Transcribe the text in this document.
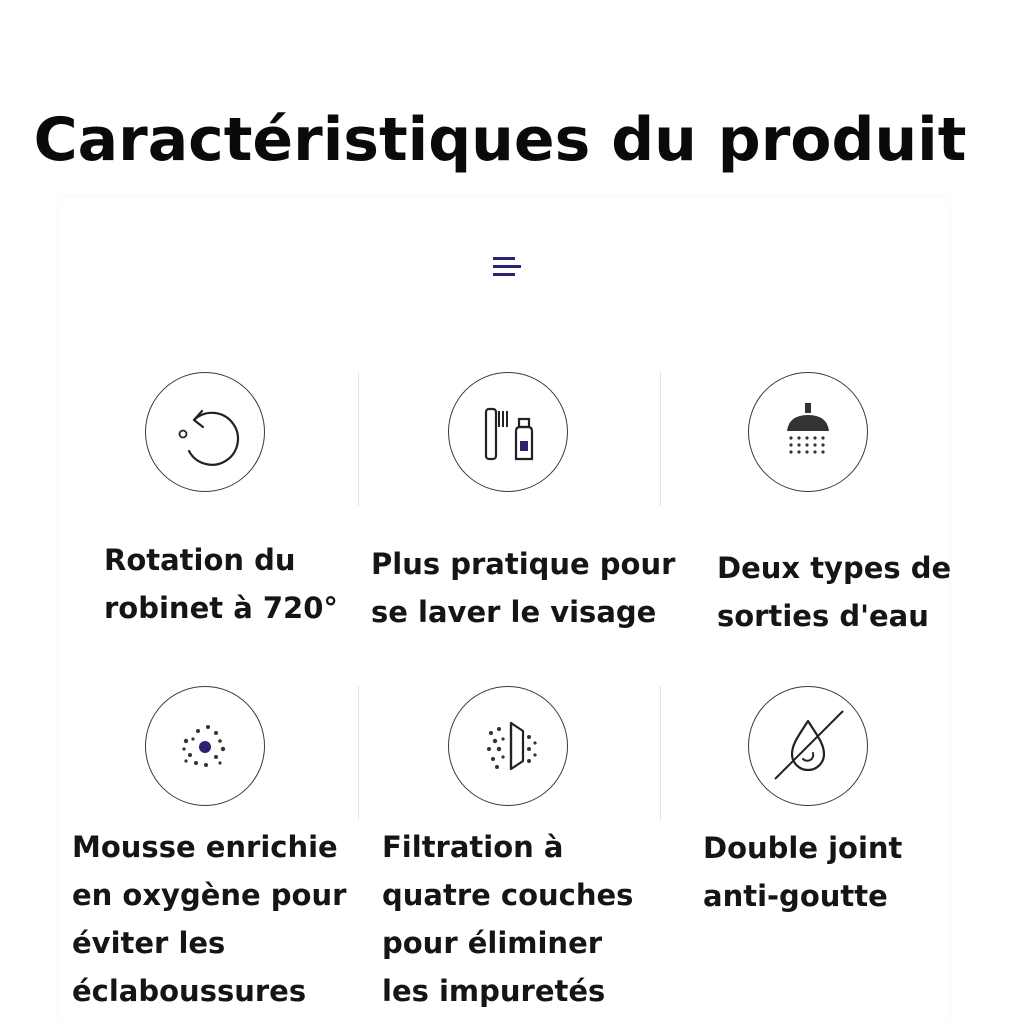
Caractéristiques du produit
Rotation du
robinet à 720°
Plus pratique pour
se laver le visage
Deux types de
sorties d'eau
Mousse enrichie
en oxygène pour
éviter les
éclaboussures
Filtration à
quatre couches
pour éliminer
les impuretés
Double joint
anti-goutte
